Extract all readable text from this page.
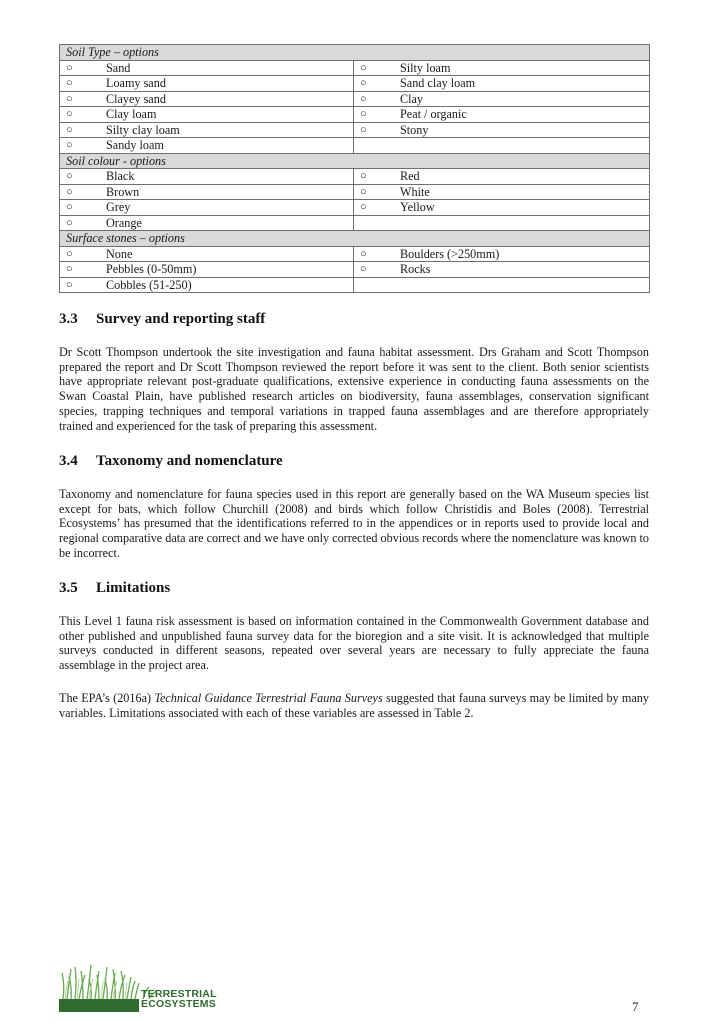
Soil Type – options	

○ Sand	○ Silty loam

○ Loamy sand	○ Sand clay loam

○ Clayey sand	○ Clay

○ Clay loam	○ Peat / organic

○ Silty clay loam	○ Stony

○ Sandy loam	

Soil colour - options	

○ Black	○ Red

○ Brown	○ White

○ Grey	○ Yellow

○ Orange	

Surface stones – options	

○ None	○ Boulders (>250mm)

○ Pebbles (0-50mm)	○ Rocks

○ Cobbles (51-250)	

3.3 Survey and reporting staff

Dr Scott Thompson undertook the site investigation and fauna habitat assessment. Drs Graham and Scott Thompson prepared the report and Dr Scott Thompson reviewed the report before it was sent to the client. Both senior scientists have appropriate relevant post-graduate qualifications, extensive experience in conducting fauna assessments on the Swan Coastal Plain, have published research articles on biodiversity, fauna assemblages, conservation significant species, trapping techniques and temporal variations in trapped fauna assemblages and are therefore appropriately trained and experienced for the task of preparing this assessment.

3.4 Taxonomy and nomenclature

Taxonomy and nomenclature for fauna species used in this report are generally based on the WA Museum species list except for bats, which follow Churchill (2008) and birds which follow Christidis and Boles (2008). Terrestrial Ecosystems’ has presumed that the identifications referred to in the appendices or in reports used to provide local and regional comparative data are correct and we have only corrected obvious records where the nomenclature was known to be incorrect.

3.5 Limitations

This Level 1 fauna risk assessment is based on information contained in the Commonwealth Government database and other published and unpublished fauna survey data for the bioregion and a site visit. It is acknowledged that multiple surveys conducted in different seasons, repeated over several years are necessary to fully appreciate the fauna assemblage in the project area.

The EPA’s (2016a) Technical Guidance Terrestrial Fauna Surveys suggested that fauna surveys may be limited by many variables. Limitations associated with each of these variables are assessed in Table 2.

TERRESTRIAL
ECOSYSTEMS	7
